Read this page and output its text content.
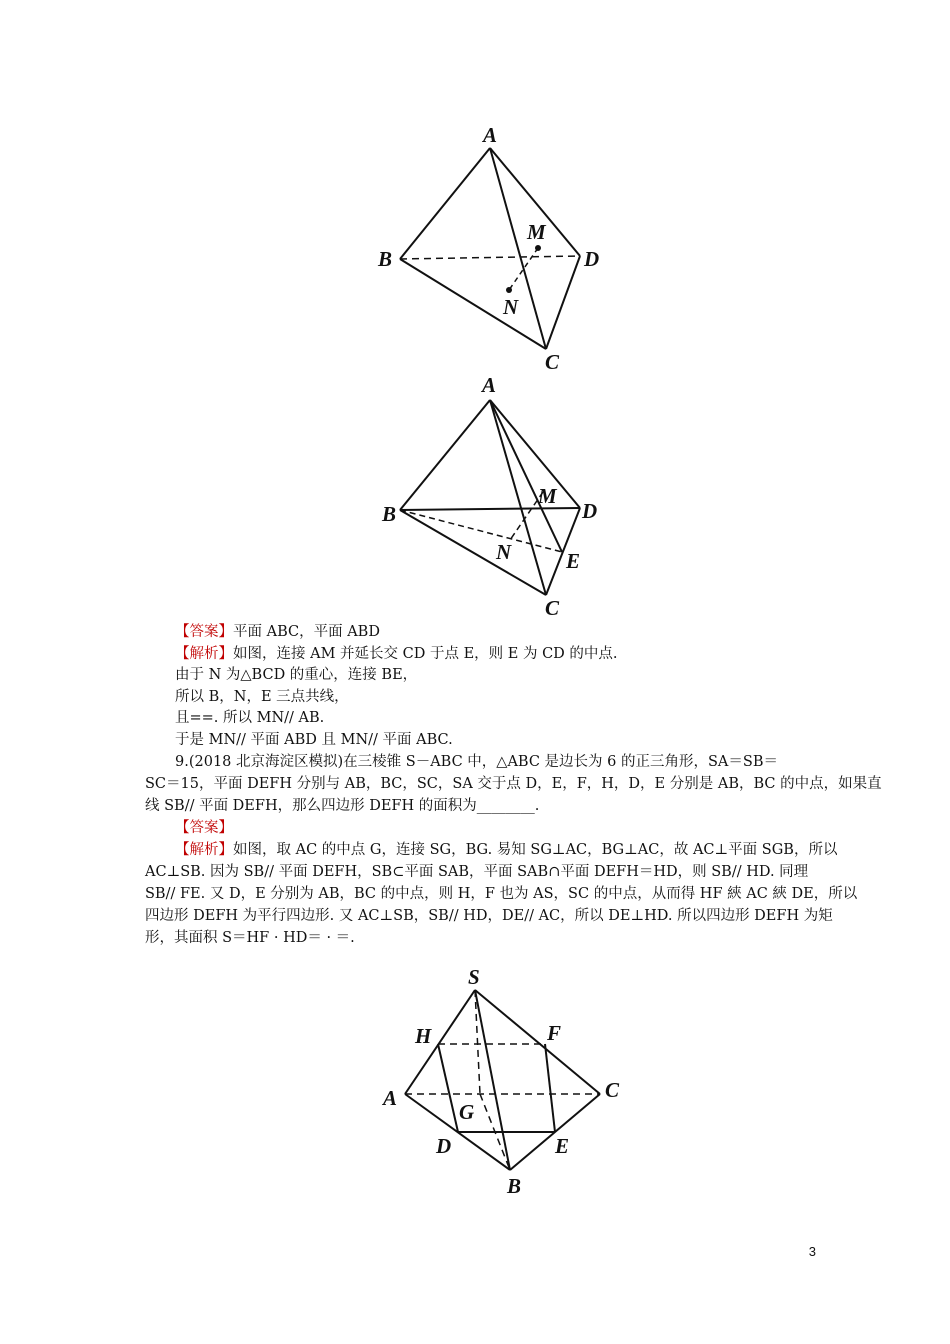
A
B
C
D
M
N
A
B
C
D
M
N	E
【答案】平面 ABC，平面 ABD
【解析】如图，连接 AM 并延长交 CD 于点 E，则 E 为 CD 的中点.
由于 N 为△BCD 的重心，连接 BE，
所以 B，N，E 三点共线，
且==. 所以 MN// AB.
于是 MN// 平面 ABD 且 MN// 平面 ABC.
9.(2018 北京海淀区模拟)在三棱锥 S－ABC 中，△ABC 是边长为 6 的正三角形，SA＝SB＝
SC＝15，平面 DEFH 分别与 AB，BC，SC，SA 交于点 D，E，F，H，D，E 分别是 AB，BC 的中点，如果直
线 SB// 平面 DEFH，那么四边形 DEFH 的面积为________.
【答案】
【解析】如图，取 AC 的中点 G，连接 SG，BG. 易知 SG⊥AC，BG⊥AC，故 AC⊥平面 SGB，所以
AC⊥SB. 因为 SB// 平面 DEFH，SB⊂平面 SAB，平面 SAB∩平面 DEFH＝HD，则 SB// HD. 同理
SB// FE. 又 D，E 分别为 AB，BC 的中点，则 H，F 也为 AS，SC 的中点，从而得 HF 綊 AC 綊 DE，所以
四边形 DEFH 为平行四边形. 又 AC⊥SB，SB// HD，DE// AC，所以 DE⊥HD. 所以四边形 DEFH 为矩
形，其面积 S＝HF · HD＝ · ＝.
S
H	F
A	C
G
D	E
B
3
